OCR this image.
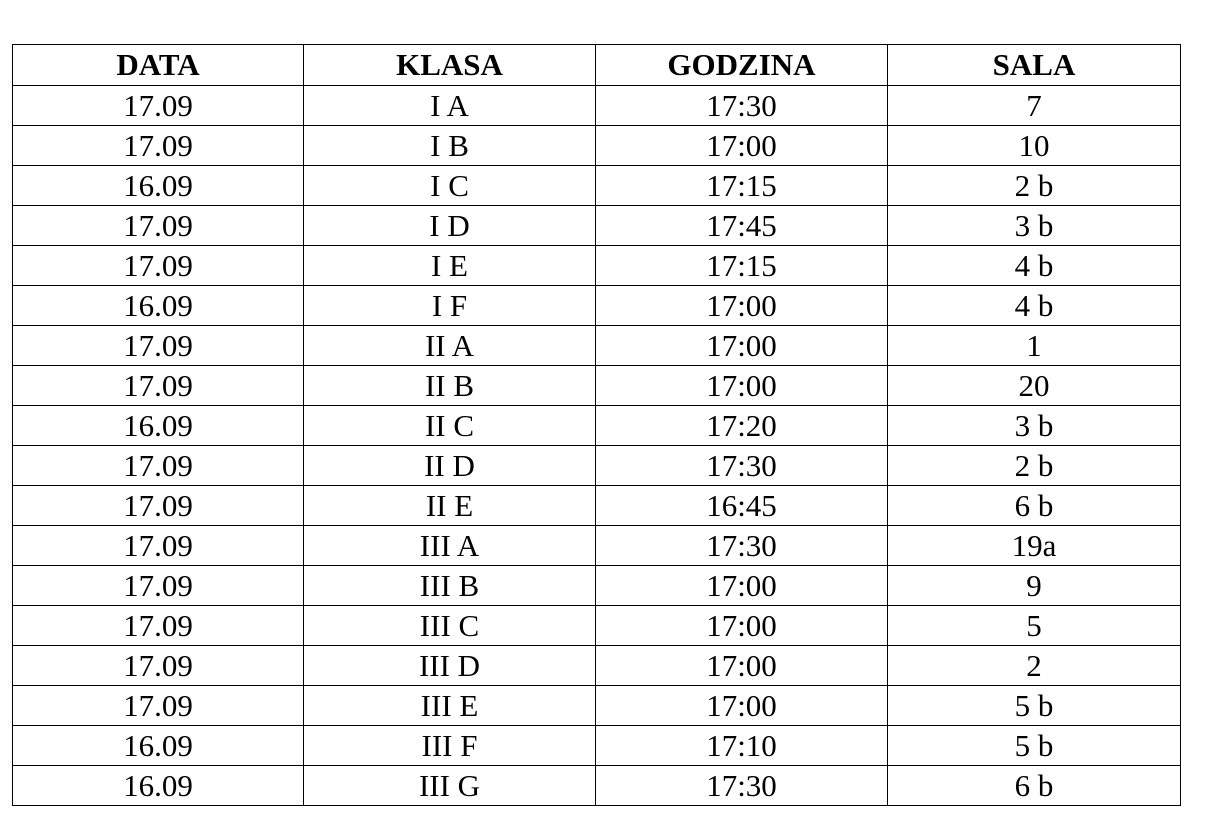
DATA	KLASA	GODZINA	SALA
17.09	I A	17:30	7
17.09	I B	17:00	10
16.09	I C	17:15	2 b
17.09	I D	17:45	3 b
17.09	I E	17:15	4 b
16.09	I F	17:00	4 b
17.09	II A	17:00	1
17.09	II B	17:00	20
16.09	II C	17:20	3 b
17.09	II D	17:30	2 b
17.09	II E	16:45	6 b
17.09	III A	17:30	19a
17.09	III B	17:00	9
17.09	III C	17:00	5
17.09	III D	17:00	2
17.09	III E	17:00	5 b
16.09	III F	17:10	5 b
16.09	III G	17:30	6 b
